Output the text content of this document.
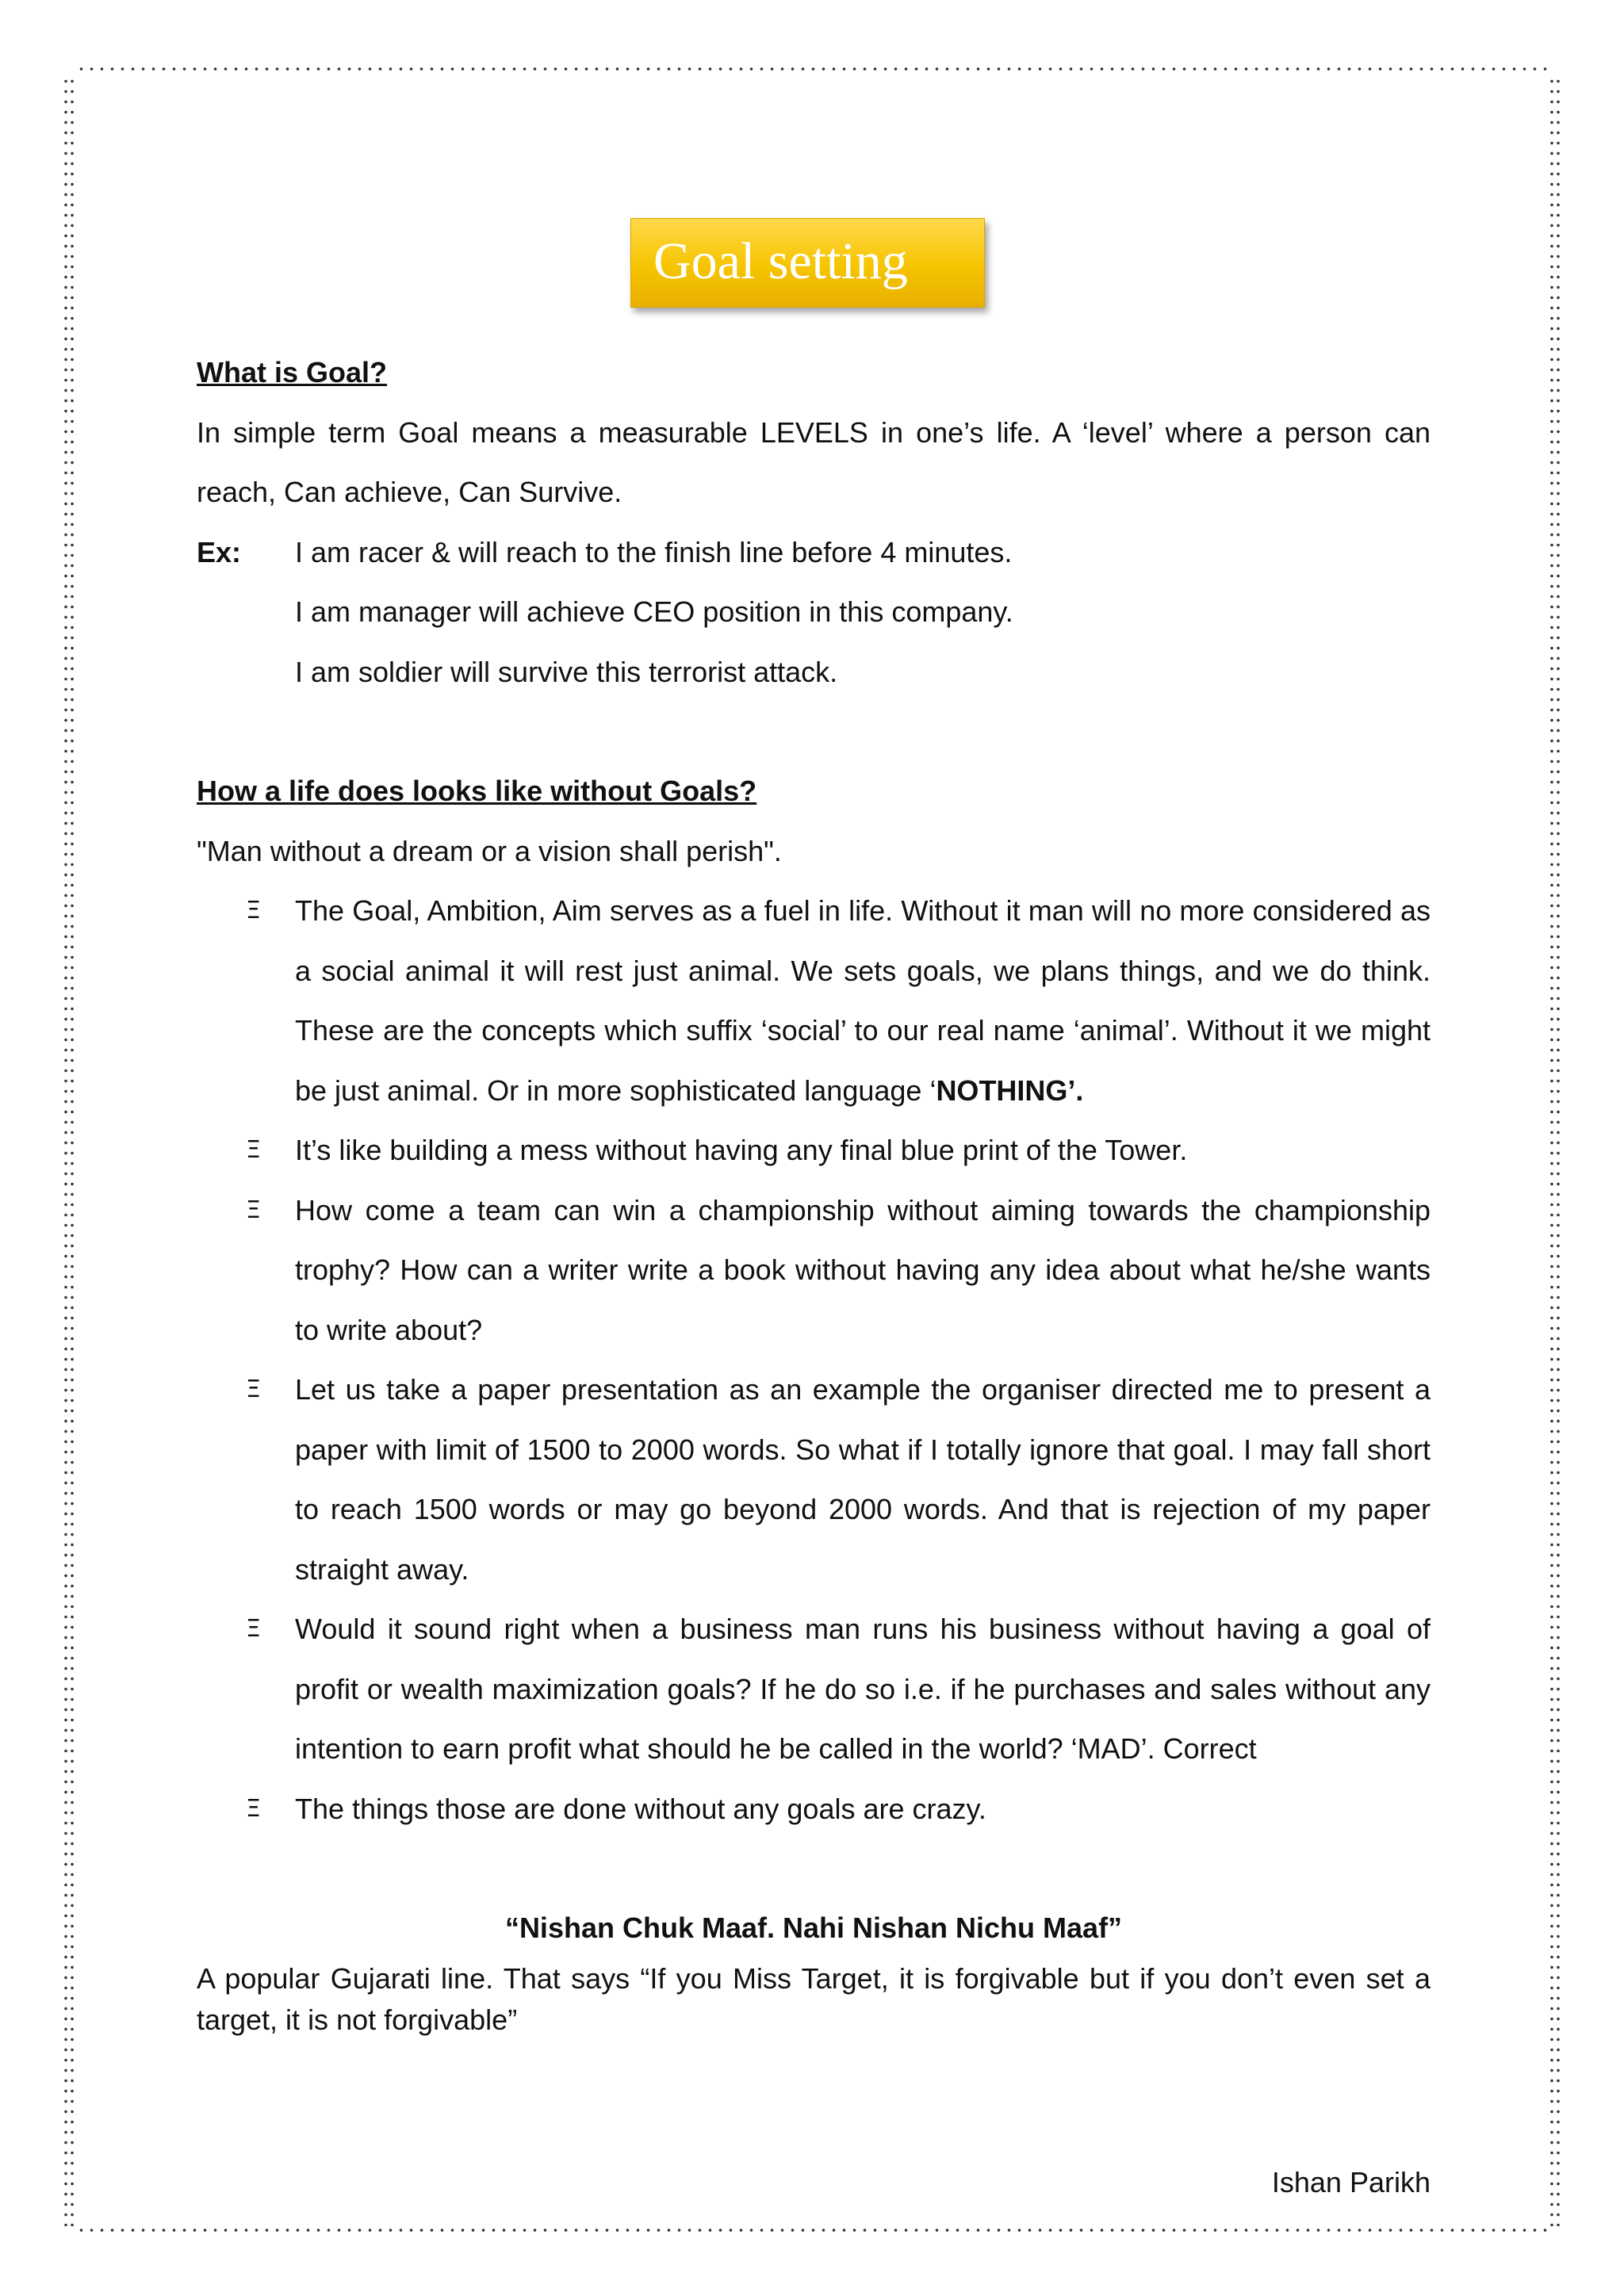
Goal setting

What is Goal?

In simple term Goal means a measurable LEVELS in one’s life. A ‘level’ where a person can reach, Can achieve, Can Survive.

Ex:	I am racer & will reach to the finish line before 4 minutes.

I am manager will achieve CEO position in this company.

I am soldier will survive this terrorist attack.

How a life does looks like without Goals?

"Man without a dream or a vision shall perish".

Ξ	The Goal, Ambition, Aim serves as a fuel in life. Without it man will no more considered as a social animal it will rest just animal. We sets goals, we plans things, and we do think. These are the concepts which suffix ‘social’ to our real name ‘animal’. Without it we might be just animal. Or in more sophisticated language ‘NOTHING’.
Ξ	It’s like building a mess without having any final blue print of the Tower.
Ξ	How come a team can win a championship without aiming towards the championship trophy? How can a writer write a book without having any idea about what he/she wants to write about?
Ξ	Let us take a paper presentation as an example the organiser directed me to present a paper with limit of 1500 to 2000 words. So what if I totally ignore that goal. I may fall short to reach 1500 words or may go beyond 2000 words. And that is rejection of my paper straight away.
Ξ	Would it sound right when a business man runs his business without having a goal of profit or wealth maximization goals? If he do so i.e. if he purchases and sales without any intention to earn profit what should he be called in the world? ‘MAD’. Correct
Ξ	The things those are done without any goals are crazy.

“Nishan Chuk Maaf. Nahi Nishan Nichu Maaf”

A popular Gujarati line. That says “If you Miss Target, it is forgivable but if you don’t even set a target, it is not forgivable”

Ishan Parikh
